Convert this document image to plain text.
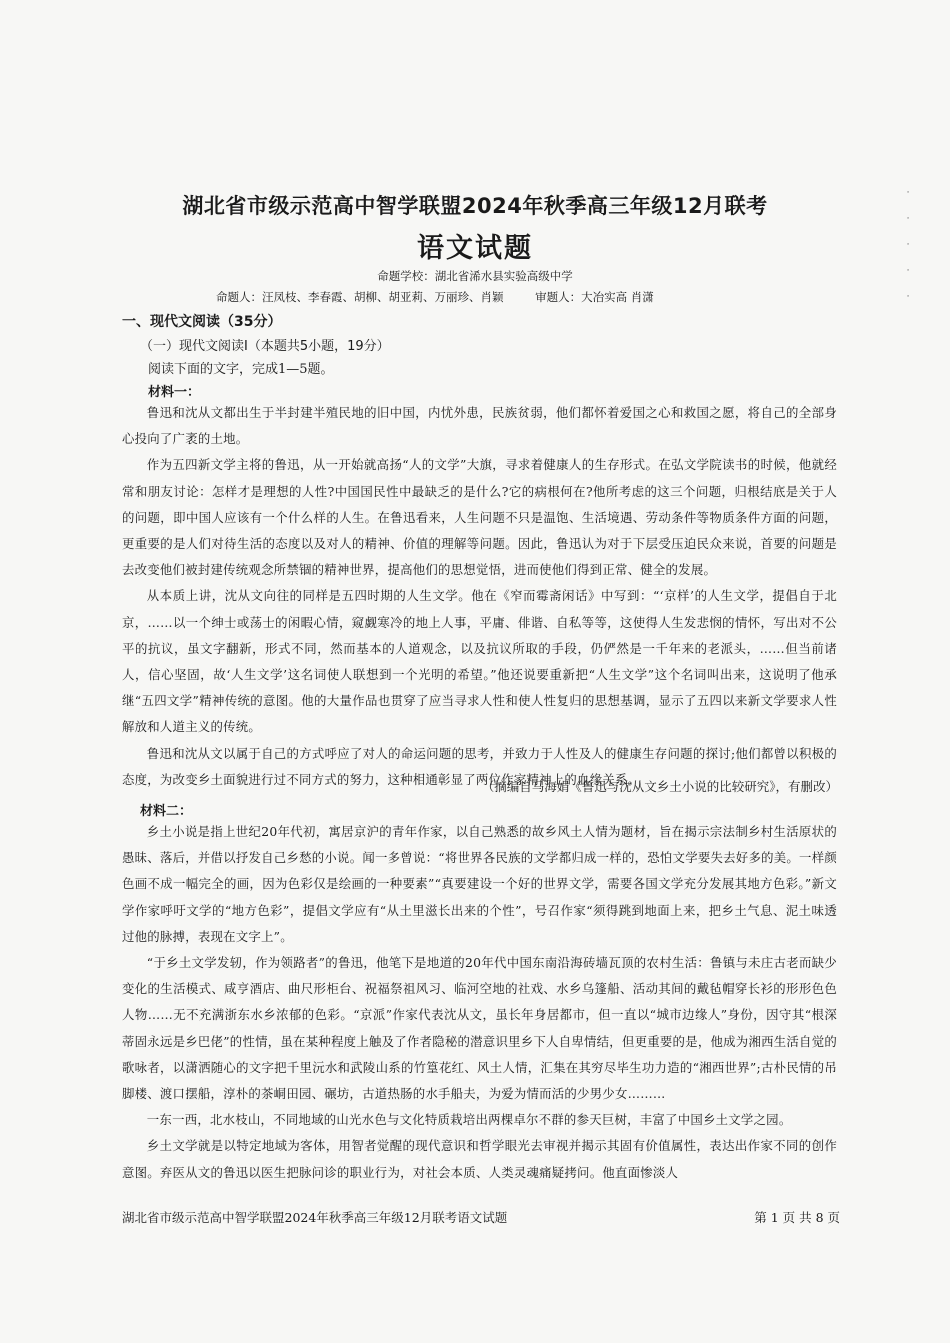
湖北省市级示范高中智学联盟2024年秋季高三年级12月联考
语文试题
命题学校：湖北省浠水县实验高级中学
命题人：汪凤枝、李春霞、胡柳、胡亚莉、万丽珍、肖颖	审题人：大冶实高 肖潇
一、现代文阅读（35分）
（一）现代文阅读Ⅰ（本题共5小题，19分）
阅读下面的文字，完成1—5题。
材料一：

鲁迅和沈从文都出生于半封建半殖民地的旧中国，内忧外患，民族贫弱，他们都怀着爱国之心和救国之愿，将自己的全部身心投向了广袤的土地。

作为五四新文学主将的鲁迅，从一开始就高扬“人的文学”大旗，寻求着健康人的生存形式。在弘文学院读书的时候，他就经常和朋友讨论：怎样才是理想的人性?中国国民性中最缺乏的是什么?它的病根何在?他所考虑的这三个问题，归根结底是关于人的问题，即中国人应该有一个什么样的人生。在鲁迅看来，人生问题不只是温饱、生活境遇、劳动条件等物质条件方面的问题，更重要的是人们对待生活的态度以及对人的精神、价值的理解等问题。因此，鲁迅认为对于下层受压迫民众来说，首要的问题是去改变他们被封建传统观念所禁锢的精神世界，提高他们的思想觉悟，进而使他们得到正常、健全的发展。

从本质上讲，沈从文向往的同样是五四时期的人生文学。他在《窄而霉斋闲话》中写到：“‘京样’的人生文学，提倡自于北京，……以一个绅士或荡士的闲暇心情，窥觑寒冷的地上人事，平庸、俳谐、自私等等，这使得人生发悲悯的情怀，写出对不公平的抗议，虽文字翻新，形式不同，然而基本的人道观念，以及抗议所取的手段，仍俨然是一千年来的老派头，……但当前诸人，信心坚固，故‘人生文学’这名词使人联想到一个光明的希望。”他还说要重新把“人生文学”这个名词叫出来，这说明了他承继“五四文学”精神传统的意图。他的大量作品也贯穿了应当寻求人性和使人性复归的思想基调，显示了五四以来新文学要求人性解放和人道主义的传统。

鲁迅和沈从文以属于自己的方式呼应了对人的命运问题的思考，并致力于人性及人的健康生存问题的探讨;他们都曾以积极的态度，为改变乡土面貌进行过不同方式的努力，这种相通彰显了两位作家精神上的血缘关系。

（摘编自马海娟《鲁迅与沈从文乡土小说的比较研究》，有删改）
材料二：

乡土小说是指上世纪20年代初，寓居京沪的青年作家，以自己熟悉的故乡风土人情为题材，旨在揭示宗法制乡村生活原状的愚昧、落后，并借以抒发自己乡愁的小说。闻一多曾说：“将世界各民族的文学都归成一样的，恐怕文学要失去好多的美。一样颜色画不成一幅完全的画，因为色彩仅是绘画的一种要素”“真要建设一个好的世界文学，需要各国文学充分发展其地方色彩。”新文学作家呼吁文学的“地方色彩”，提倡文学应有“从土里滋长出来的个性”，号召作家“须得跳到地面上来，把乡土气息、泥土味透过他的脉搏，表现在文字上”。

“于乡土文学发轫，作为领路者”的鲁迅，他笔下是地道的20年代中国东南沿海砖墙瓦顶的农村生活：鲁镇与未庄古老而缺少变化的生活模式、咸亨酒店、曲尺形柜台、祝福祭祖风习、临河空地的社戏、水乡乌篷船、活动其间的戴毡帽穿长衫的形形色色人物……无不充满浙东水乡浓郁的色彩。“京派”作家代表沈从文，虽长年身居都市，但一直以“城市边缘人”身份，因守其“根深蒂固永远是乡巴佬”的性情，虽在某种程度上触及了作者隐秘的潜意识里乡下人自卑情结，但更重要的是，他成为湘西生活自觉的歌咏者，以潇洒随心的文字把千里沅水和武陵山系的竹篁花红、风土人情，汇集在其穷尽毕生功力造的“湘西世界”;古朴民情的吊脚楼、渡口摆船，淳朴的茶峒田园、碾坊，古道热肠的水手船夫，为爱为情而活的少男少女………

一东一西，北水枝山，不同地域的山光水色与文化特质栽培出两棵卓尔不群的参天巨树，丰富了中国乡土文学之园。

乡土文学就是以特定地域为客体，用智者觉醒的现代意识和哲学眼光去审视并揭示其固有价值属性，表达出作家不同的创作意图。弃医从文的鲁迅以医生把脉问诊的职业行为，对社会本质、人类灵魂痛疑拷问。他直面惨淡人

湖北省市级示范高中智学联盟2024年秋季高三年级12月联考语文试题	第 1 页 共 8 页
·
·
·
·
·
